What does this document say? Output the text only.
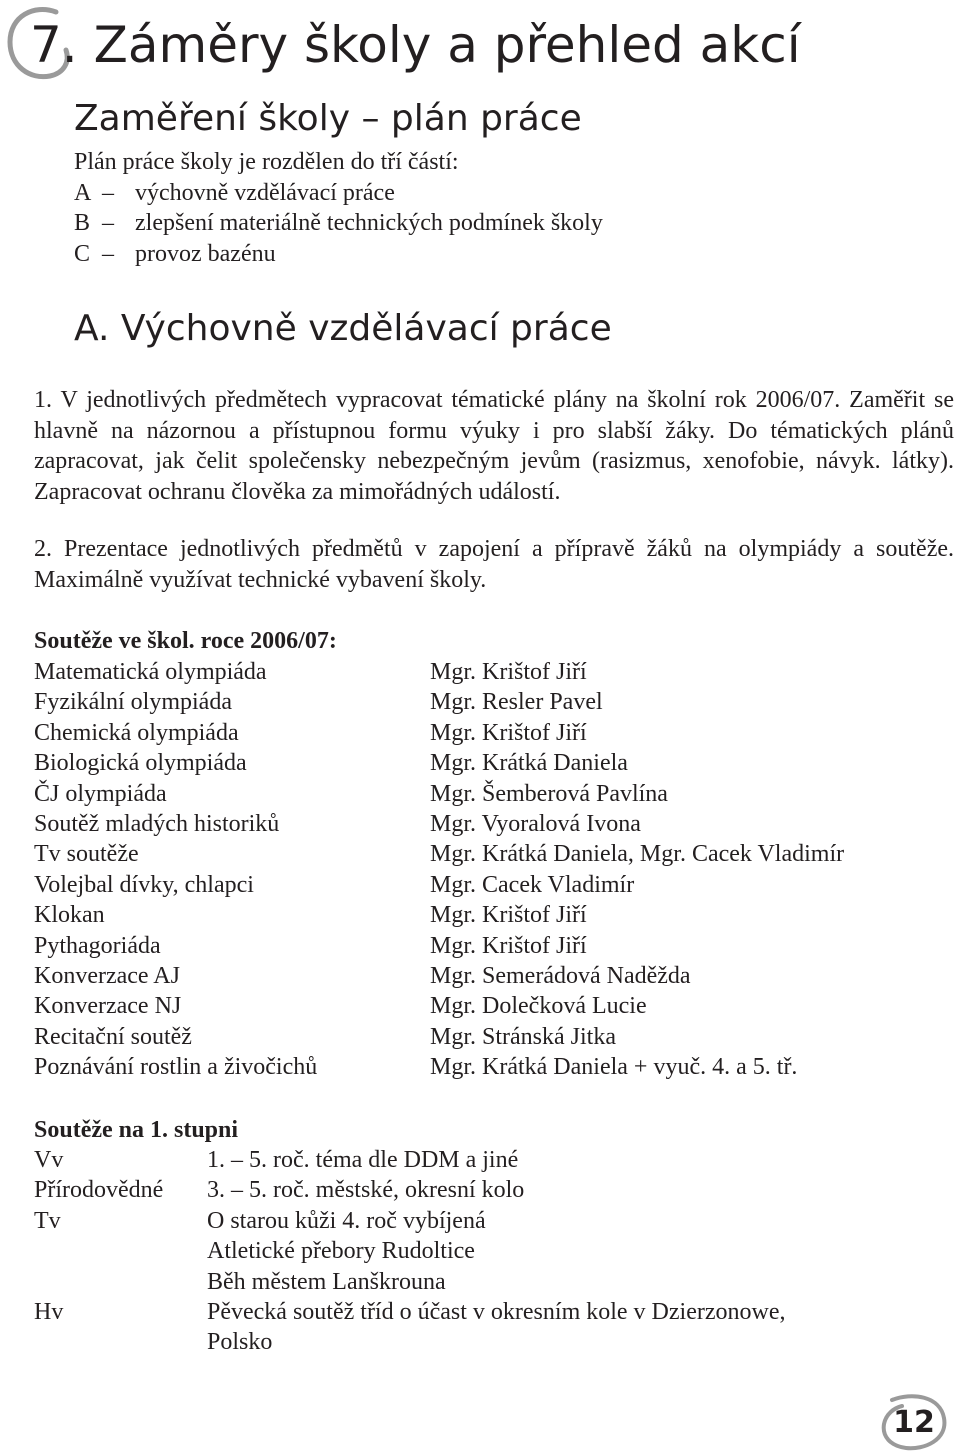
7. Záměry školy a přehled akcí
Zaměření školy – plán práce
Plán práce školy je rozdělen do tří částí:
A – výchovně vzdělávací práce
B – zlepšení materiálně technických podmínek školy
C – provoz bazénu
A. Výchovně vzdělávací práce
1. V jednotlivých předmětech vypracovat tématické plány na školní rok 2006/07. Zaměřit se hlavně na názornou a přístupnou formu výuky i pro slabší žáky. Do tématických plánů zapracovat, jak čelit společensky nebezpečným jevům (rasizmus, xenofobie, návyk. látky). Zapracovat ochranu člověka za mimořádných událostí.
2. Prezentace jednotlivých předmětů v zapojení a přípravě žáků na olympiády a soutěže. Maximálně využívat technické vybavení školy.
Soutěže ve škol. roce 2006/07:
Matematická olympiáda
Fyzikální olympiáda
Chemická olympiáda
Biologická olympiáda
ČJ olympiáda
Soutěž mladých historiků
Tv soutěže
Volejbal dívky, chlapci
Klokan
Pythagoriáda
Konverzace AJ
Konverzace NJ
Recitační soutěž
Poznávání rostlin a živočichů
Mgr. Krištof Jiří
Mgr. Resler Pavel
Mgr. Krištof Jiří
Mgr. Krátká Daniela
Mgr. Šemberová Pavlína
Mgr. Vyoralová Ivona
Mgr. Krátká Daniela, Mgr. Cacek Vladimír
Mgr. Cacek Vladimír
Mgr. Krištof Jiří
Mgr. Krištof Jiří
Mgr. Semerádová Naděžda
Mgr. Dolečková Lucie
Mgr. Stránská Jitka
Mgr. Krátká Daniela + vyuč. 4. a 5. tř.
Soutěže na 1. stupni
Vv
Přírodovědné
Tv
Hv
1. – 5. roč. téma dle DDM a jiné
3. – 5. roč. městské, okresní kolo
O starou kůži 4. roč vybíjená
Atletické přebory Rudoltice
Běh městem Lanškrouna
Pěvecká soutěž tříd o účast v okresním kole v Dzierzonowe,
Polsko
12
